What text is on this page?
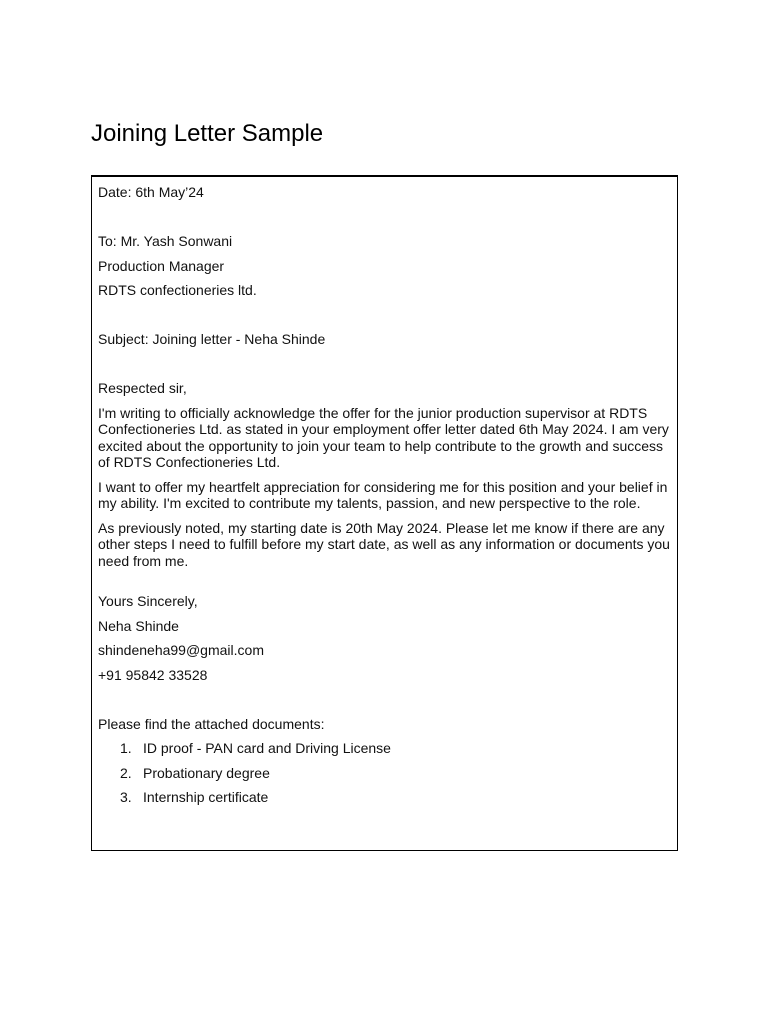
Joining Letter Sample

Date: 6th May’24

To: Mr. Yash Sonwani

Production Manager

RDTS confectioneries ltd.

Subject: Joining letter - Neha Shinde

Respected sir,

I'm writing to officially acknowledge the offer for the junior production supervisor at RDTS Confectioneries Ltd. as stated in your employment offer letter dated 6th May 2024. I am very excited about the opportunity to join your team to help contribute to the growth and success of RDTS Confectioneries Ltd.

I want to offer my heartfelt appreciation for considering me for this position and your belief in my ability. I'm excited to contribute my talents, passion, and new perspective to the role.

As previously noted, my starting date is 20th May 2024. Please let me know if there are any other steps I need to fulfill before my start date, as well as any information or documents you need from me.

Yours Sincerely,

Neha Shinde

shindeneha99@gmail.com

+91 95842 33528

Please find the attached documents:

1. ID proof - PAN card and Driving License
2. Probationary degree
3. Internship certificate
